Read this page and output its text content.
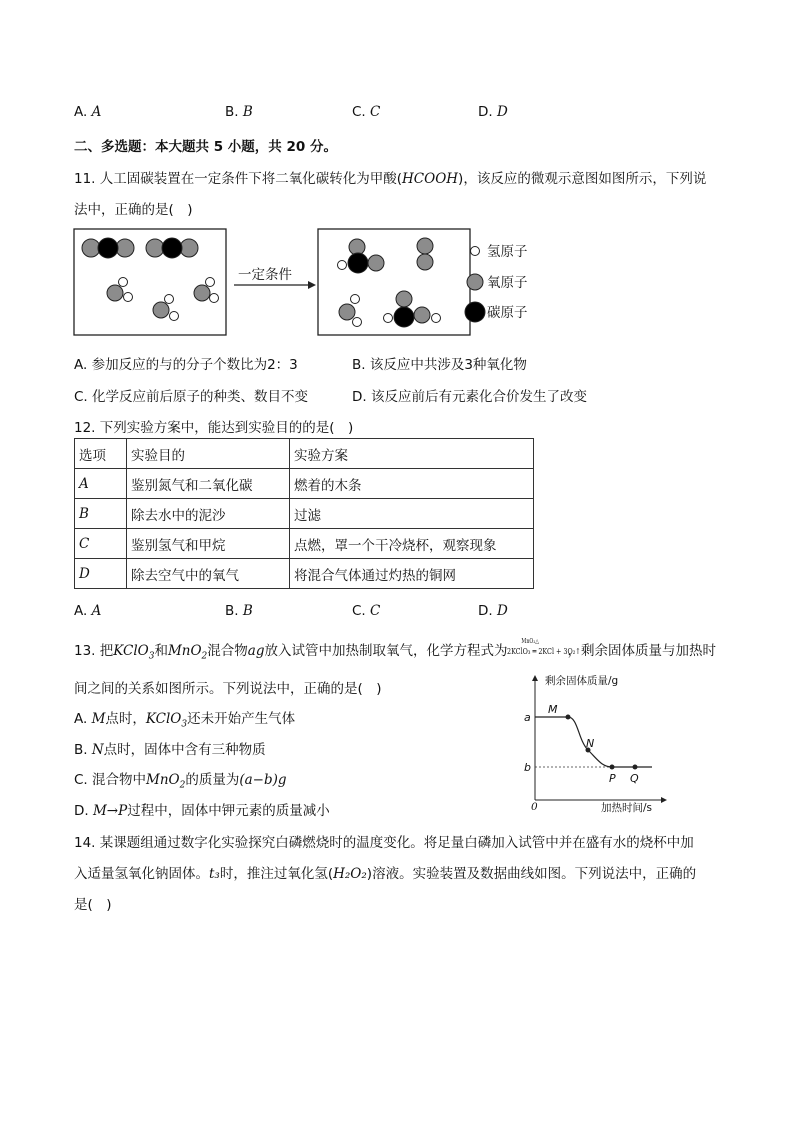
A. A	B. B	C. C	D. D
二、多选题：本大题共 5 小题，共 20 分。
11. 人工固碳装置在一定条件下将二氧化碳转化为甲酸(HCOOH)，该反应的微观示意图如图所示，下列说
法中，正确的是(　)
一定条件
氢原子
氧原子
碳原子
A. 参加反应的与的分子个数比为2：3	B. 该反应中共涉及3种氧化物
C. 化学反应前后原子的种类、数目不变	D. 该反应前后有元素化合价发生了改变
12. 下列实验方案中，能达到实验目的的是(　)
选项	实验目的	实验方案
A	鉴别氮气和二氧化碳	燃着的木条
B	除去水中的泥沙	过滤
C	鉴别氢气和甲烷	点燃，罩一个干冷烧杯，观察现象
D	除去空气中的氧气	将混合气体通过灼热的铜网
A. A	B. B	C. C	D. D
13. 把KClO$_3$和MnO$_2$混合物ag放入试管中加热制取氧气，化学方程式为
MnO₂△
2KClO₃ ═ 2KCl + 3O₂↑，剩余固体质量与加热时
间之间的关系如图所示。下列说法中，正确的是(　)
A. M点时，KClO$_3$还未开始产生气体
B. N点时，固体中含有三种物质
C. 混合物中MnO$_2$的质量为(a−b)g
D. M→P过程中，固体中钾元素的质量减小
剩余固体质量/g
加热时间/s
0
a
b
M
N
P Q
14. 某课题组通过数字化实验探究白磷燃烧时的温度变化。将足量白磷加入试管中并在盛有水的烧杯中加
入适量氢氧化钠固体。t₃时，推注过氧化氢(H₂O₂)溶液。实验装置及数据曲线如图。下列说法中，正确的
是(　)
